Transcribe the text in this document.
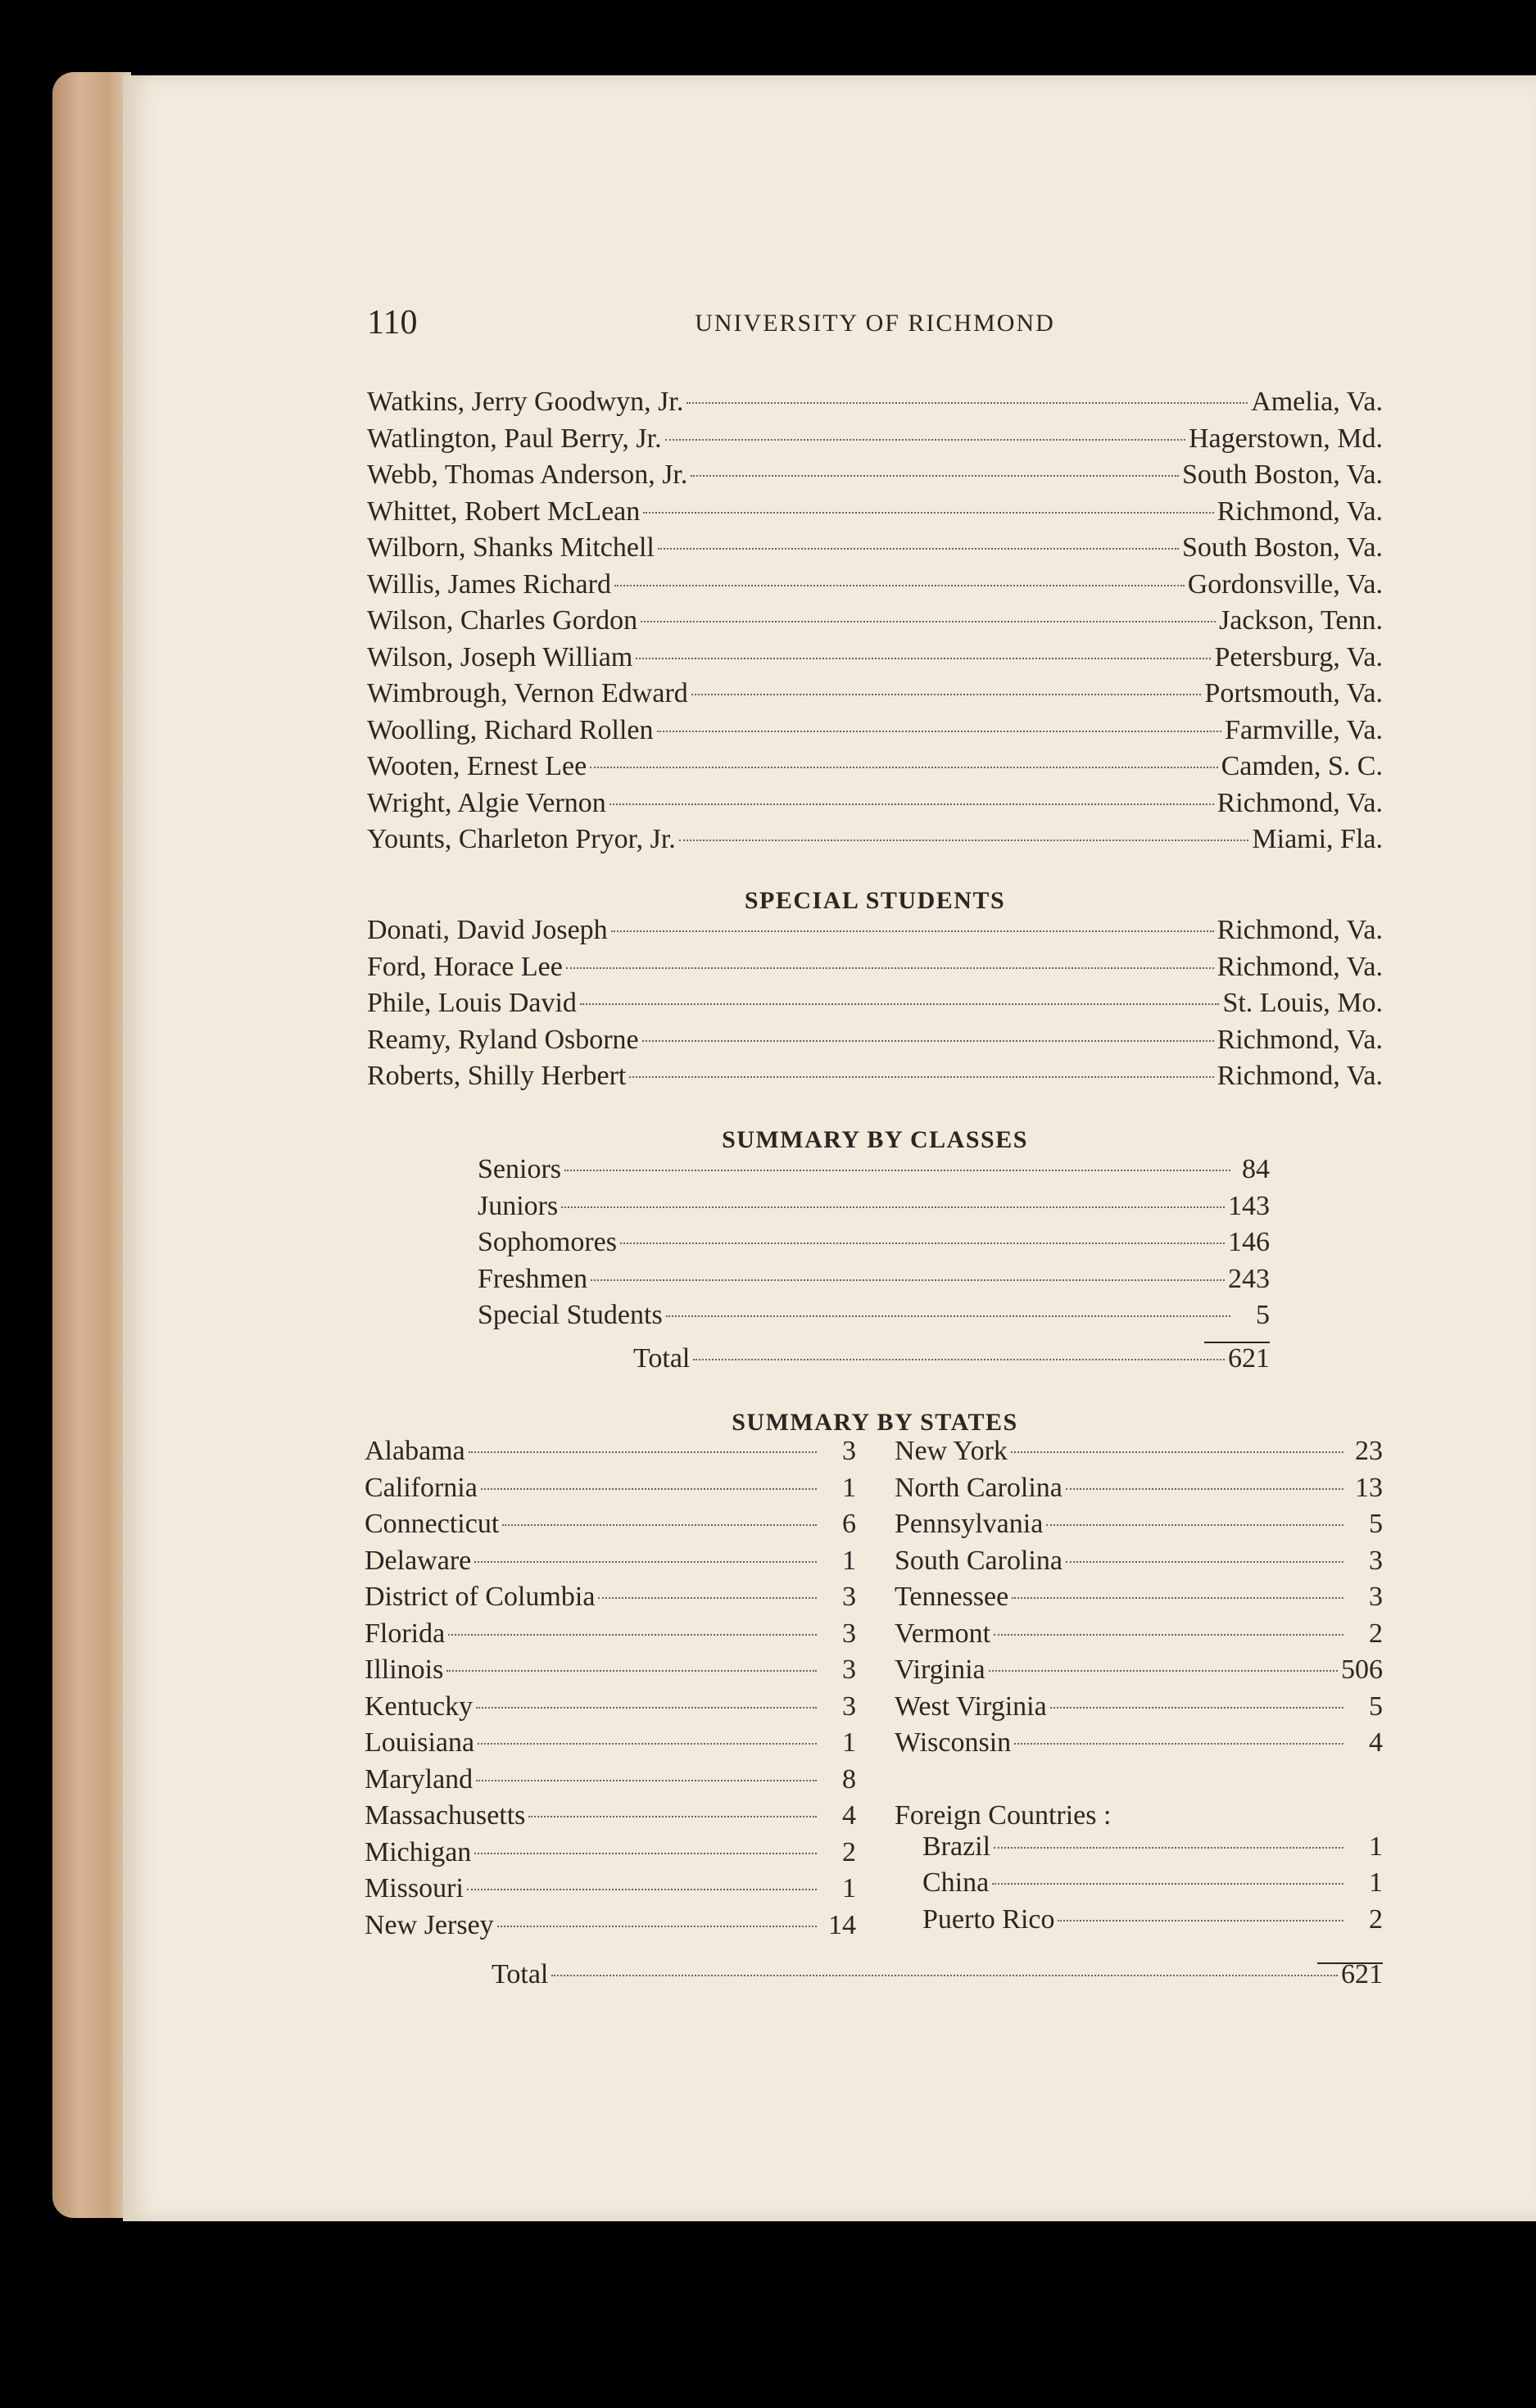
110	UNIVERSITY OF RICHMOND
Watkins, Jerry Goodwyn, Jr.	Amelia, Va.
Watlington, Paul Berry, Jr.	Hagerstown, Md.
Webb, Thomas Anderson, Jr.	South Boston, Va.
Whittet, Robert McLean	Richmond, Va.
Wilborn, Shanks Mitchell	South Boston, Va.
Willis, James Richard	Gordonsville, Va.
Wilson, Charles Gordon	Jackson, Tenn.
Wilson, Joseph William	Petersburg, Va.
Wimbrough, Vernon Edward	Portsmouth, Va.
Woolling, Richard Rollen	Farmville, Va.
Wooten, Ernest Lee	Camden, S. C.
Wright, Algie Vernon	Richmond, Va.
Younts, Charleton Pryor, Jr.	Miami, Fla.
SPECIAL STUDENTS
Donati, David Joseph	Richmond, Va.
Ford, Horace Lee	Richmond, Va.
Phile, Louis David	St. Louis, Mo.
Reamy, Ryland Osborne	Richmond, Va.
Roberts, Shilly Herbert	Richmond, Va.
SUMMARY BY CLASSES
Seniors	84
Juniors	143
Sophomores	146
Freshmen	243
Special Students	5
Total	621
SUMMARY BY STATES
Alabama	3
California	1
Connecticut	6
Delaware	1
District of Columbia	3
Florida	3
Illinois	3
Kentucky	3
Louisiana	1
Maryland	8
Massachusetts	4
Michigan	2
Missouri	1
New Jersey	14
New York	23
North Carolina	13
Pennsylvania	5
South Carolina	3
Tennessee	3
Vermont	2
Virginia	506
West Virginia	5
Wisconsin	4
Foreign Countries :
Brazil	1
China	1
Puerto Rico	2
Total	621
